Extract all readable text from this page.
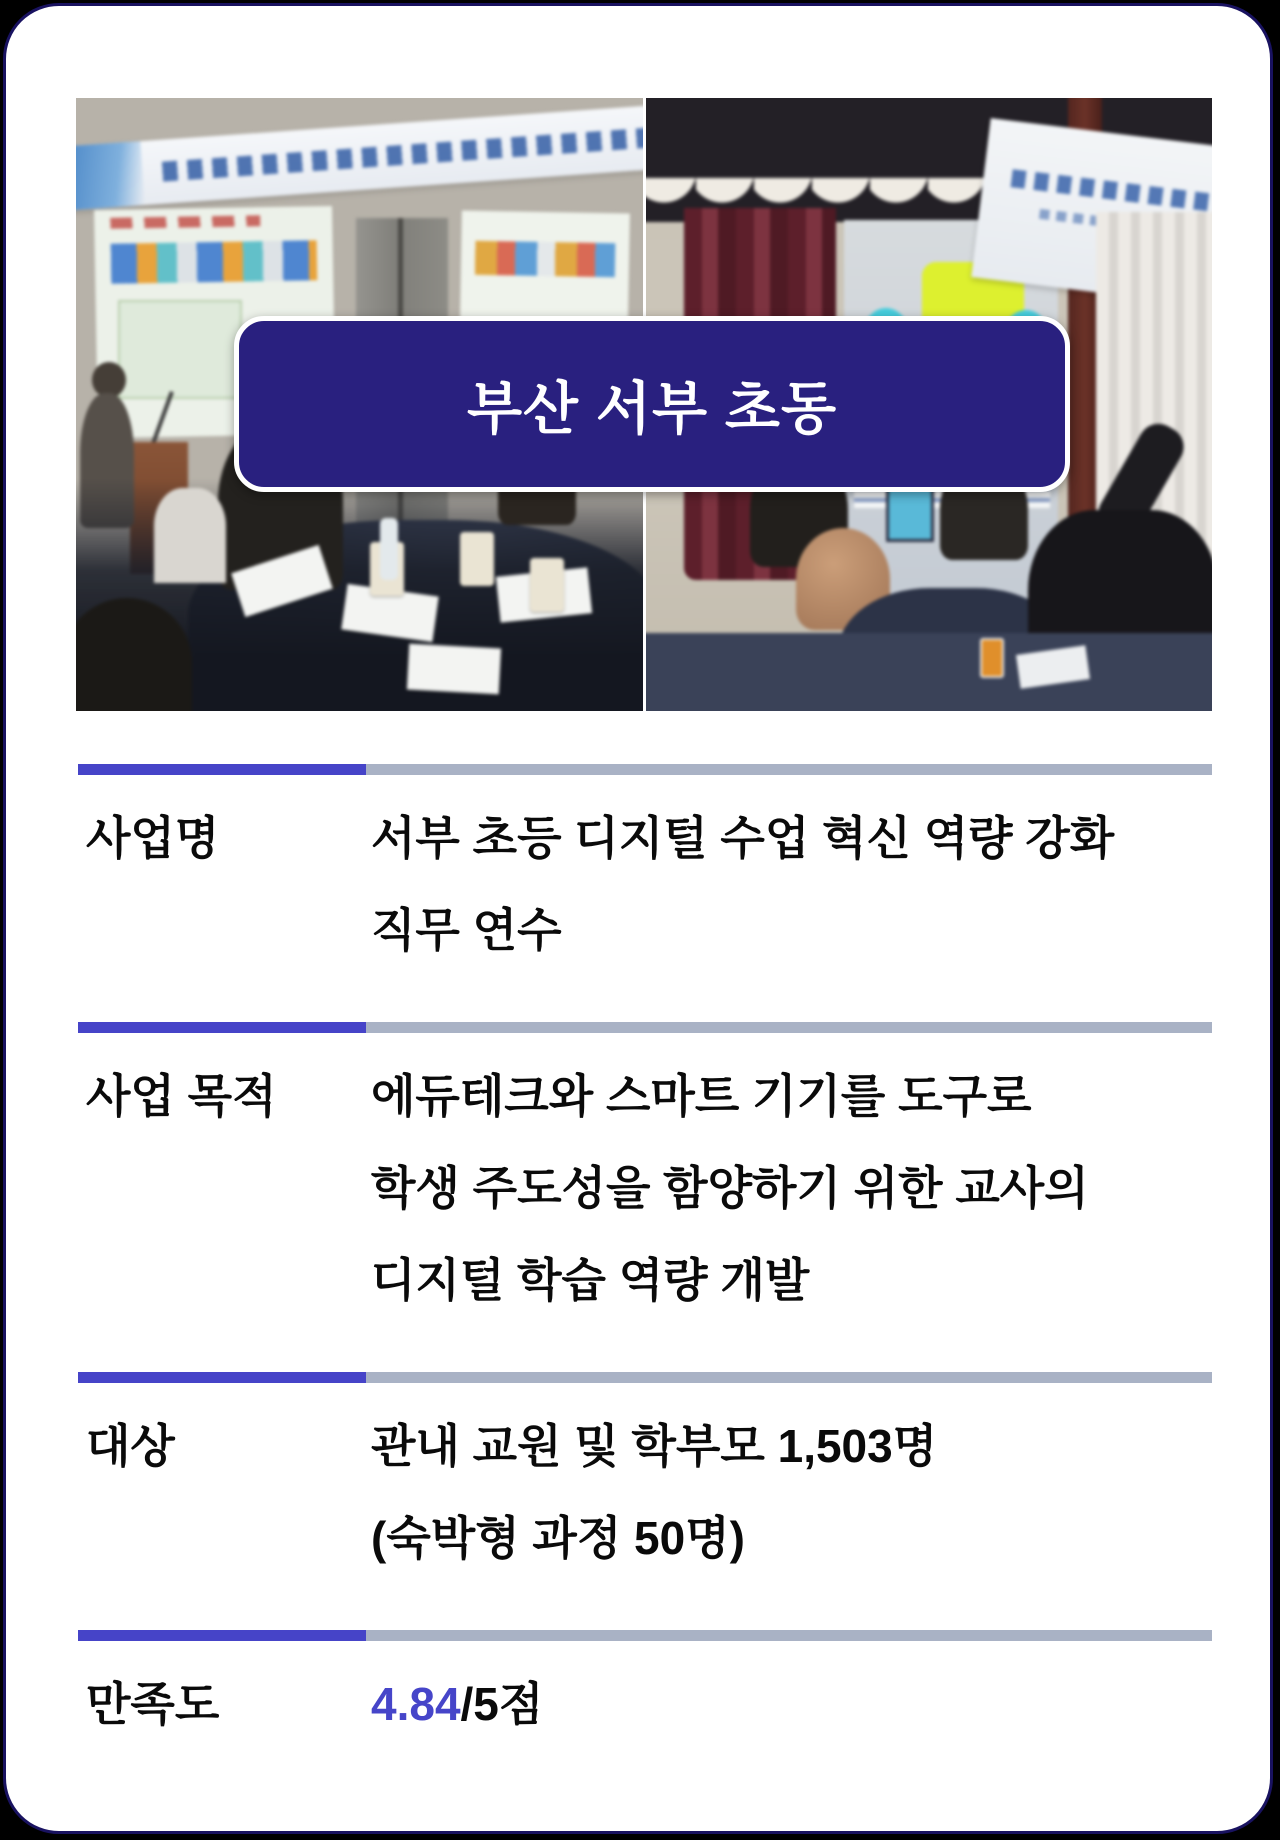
부산 서부 초동
사업명	서부 초등 디지털 수업 혁신 역량 강화
직무 연수
사업 목적	에듀테크와 스마트 기기를 도구로
학생 주도성을 함양하기 위한 교사의
디지털 학습 역량 개발
대상	관내 교원 및 학부모 1,503명
(숙박형 과정 50명)
만족도	4.84/5점
